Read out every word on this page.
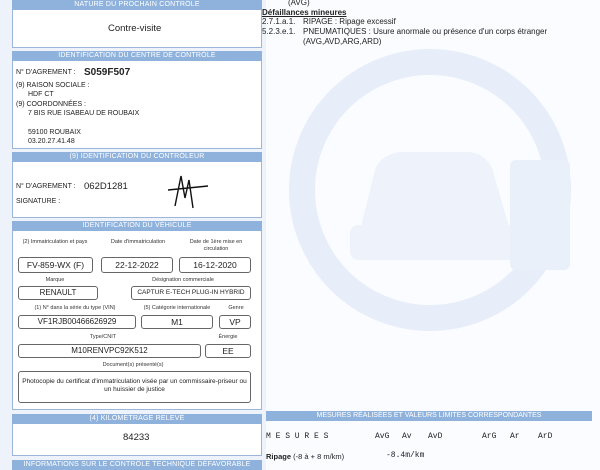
NATURE DU PROCHAIN CONTRÔLE
Contre-visite
IDENTIFICATION DU CENTRE DE CONTRÔLE
N° D'AGREMENT : S059F507
(9) RAISON SOCIALE :
HDF CT
(9) COORDONNÉES :
7 BIS RUE ISABEAU DE ROUBAIX
59100 ROUBAIX
03.20.27.41.48
(9) IDENTIFICATION DU CONTRÔLEUR
N° D'AGREMENT : 062D1281
SIGNATURE :
IDENTIFICATION DU VÉHICULE
(2) Immatriculation et pays	Date d'immatriculation	Date de 1ère mise en circulation
FV-859-WX (F)	22-12-2022	16-12-2020
Marque	Désignation commerciale
RENAULT	CAPTUR E-TECH PLUG-IN HYBRID
(1) N° dans la série du type (VIN)	(5) Catégorie internationale	Genre
VF1RJB00466626929	M1	VP
Type/CNIT	Énergie
M10RENVPC92K512	EE
Document(s) présenté(s)
Photocopie du certificat d'immatriculation visée par un commissaire-priseur ou un huissier de justice
(4) KILOMÉTRAGE RELEVÉ
84233
INFORMATIONS SUR LE CONTRÔLE TECHNIQUE DÉFAVORABLE
(AVG)
Défaillances mineures
2.7.1.a.1. RIPAGE : Ripage excessif
5.2.3.e.1. PNEUMATIQUES : Usure anormale ou présence d'un corps étranger
(AVG,AVD,ARG,ARD)
MESURES RÉALISÉES ET VALEURS LIMITES CORRESPONDANTES
M E S U R E S	AvG Av AvD	ArG Ar ArD
Ripage (-8 à + 8 m/km)	-8.4m/km
